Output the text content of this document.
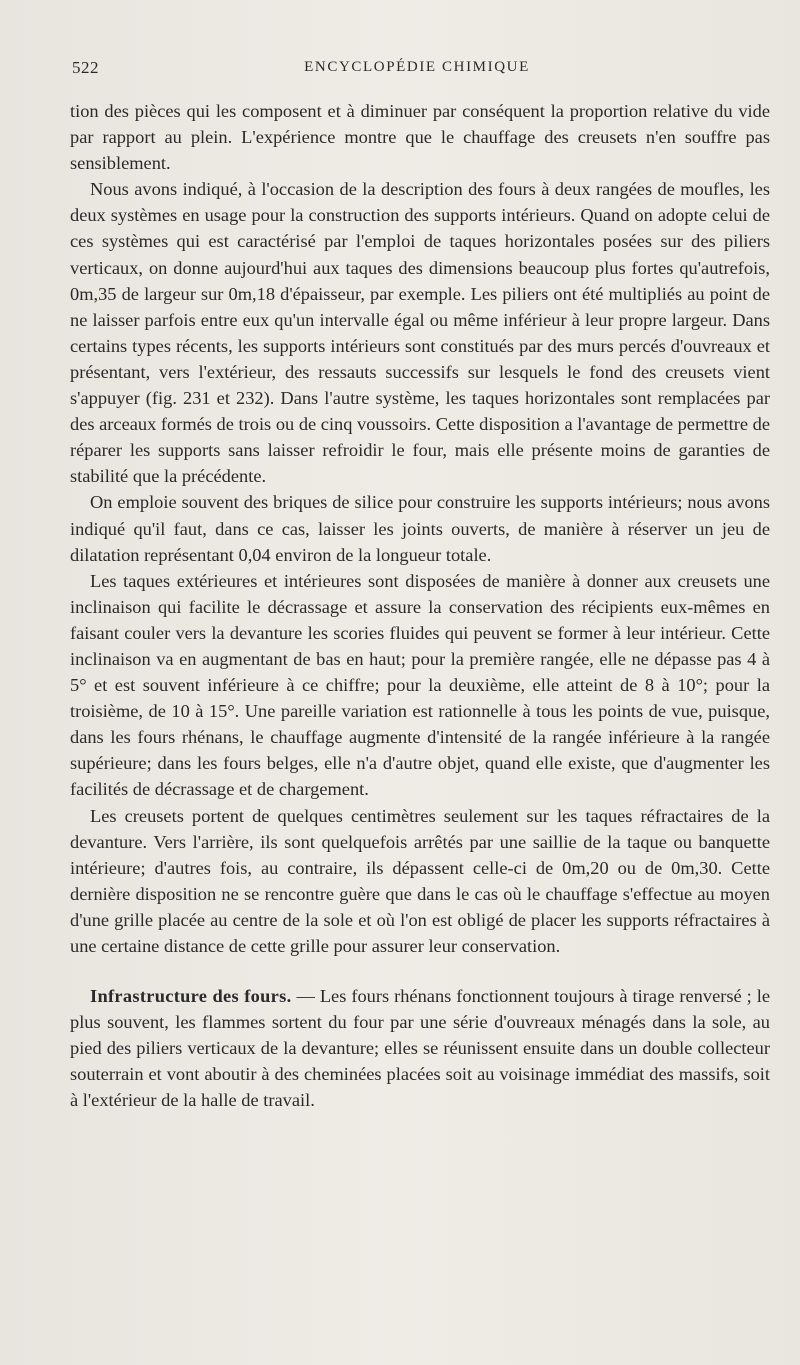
522	ENCYCLOPÉDIE CHIMIQUE

tion des pièces qui les composent et à diminuer par conséquent la proportion relative du vide par rapport au plein. L'expérience montre que le chauffage des creusets n'en souffre pas sensiblement.

Nous avons indiqué, à l'occasion de la description des fours à deux rangées de moufles, les deux systèmes en usage pour la construction des supports intérieurs. Quand on adopte celui de ces systèmes qui est caractérisé par l'emploi de taques horizontales posées sur des piliers verticaux, on donne aujourd'hui aux taques des dimensions beaucoup plus fortes qu'autrefois, 0m,35 de largeur sur 0m,18 d'épaisseur, par exemple. Les piliers ont été multipliés au point de ne laisser parfois entre eux qu'un intervalle égal ou même inférieur à leur propre largeur. Dans certains types récents, les supports intérieurs sont constitués par des murs percés d'ouvreaux et présentant, vers l'extérieur, des ressauts successifs sur lesquels le fond des creusets vient s'appuyer (fig. 231 et 232). Dans l'autre système, les taques horizontales sont remplacées par des arceaux formés de trois ou de cinq voussoirs. Cette disposition a l'avantage de permettre de réparer les supports sans laisser refroidir le four, mais elle présente moins de garanties de stabilité que la précédente.

On emploie souvent des briques de silice pour construire les supports intérieurs; nous avons indiqué qu'il faut, dans ce cas, laisser les joints ouverts, de manière à réserver un jeu de dilatation représentant 0,04 environ de la longueur totale.

Les taques extérieures et intérieures sont disposées de manière à donner aux creusets une inclinaison qui facilite le décrassage et assure la conservation des récipients eux-mêmes en faisant couler vers la devanture les scories fluides qui peuvent se former à leur intérieur. Cette inclinaison va en augmentant de bas en haut; pour la première rangée, elle ne dépasse pas 4 à 5° et est souvent inférieure à ce chiffre; pour la deuxième, elle atteint de 8 à 10°; pour la troisième, de 10 à 15°. Une pareille variation est rationnelle à tous les points de vue, puisque, dans les fours rhénans, le chauffage augmente d'intensité de la rangée inférieure à la rangée supérieure; dans les fours belges, elle n'a d'autre objet, quand elle existe, que d'augmenter les facilités de décrassage et de chargement.

Les creusets portent de quelques centimètres seulement sur les taques réfractaires de la devanture. Vers l'arrière, ils sont quelquefois arrêtés par une saillie de la taque ou banquette intérieure; d'autres fois, au contraire, ils dépassent celle-ci de 0m,20 ou de 0m,30. Cette dernière disposition ne se rencontre guère que dans le cas où le chauffage s'effectue au moyen d'une grille placée au centre de la sole et où l'on est obligé de placer les supports réfractaires à une certaine distance de cette grille pour assurer leur conservation.

Infrastructure des fours. — Les fours rhénans fonctionnent toujours à tirage renversé ; le plus souvent, les flammes sortent du four par une série d'ouvreaux ménagés dans la sole, au pied des piliers verticaux de la devanture; elles se réunissent ensuite dans un double collecteur souterrain et vont aboutir à des cheminées placées soit au voisinage immédiat des massifs, soit à l'extérieur de la halle de travail.
